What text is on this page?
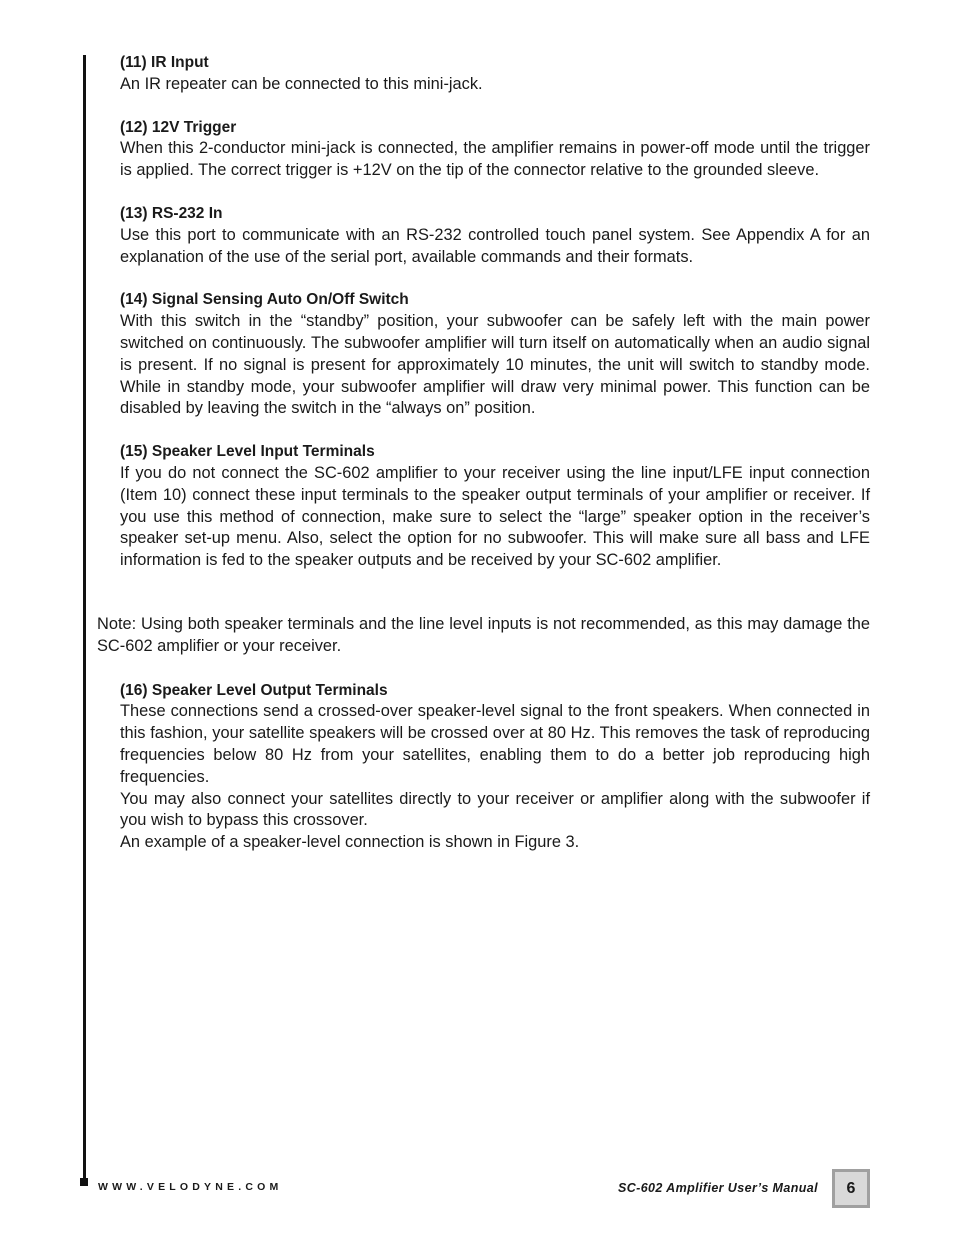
(11) IR Input

An IR repeater can be connected to this mini-jack.

(12) 12V Trigger

When this 2-conductor mini-jack is connected, the amplifier remains in power-off mode until the trigger is applied. The correct trigger is +12V on the tip of the connector relative to the grounded sleeve.

(13) RS-232 In

Use this port to communicate with an RS-232 controlled touch panel system. See Appendix A for an explanation of the use of the serial port, available commands and their formats.

(14) Signal Sensing Auto On/Off Switch

With this switch in the “standby” position, your subwoofer can be safely left with the main power switched on continuously. The subwoofer amplifier will turn itself on automatically when an audio signal is present. If no signal is present for approximately 10 minutes, the unit will switch to standby mode. While in standby mode, your subwoofer amplifier will draw very minimal power. This function can be disabled by leaving the switch in the “always on” position.

(15) Speaker Level Input Terminals

If you do not connect the SC-602 amplifier to your receiver using the line input/LFE input connection (Item 10) connect these input terminals to the speaker output terminals of your amplifier or receiver. If you use this method of connection, make sure to select the “large” speaker option in the receiver’s speaker set-up menu. Also, select the option for no subwoofer. This will make sure all bass and LFE information is fed to the speaker outputs and be received by your SC-602 amplifier.

Note: Using both speaker terminals and the line level inputs is not recommended, as this may damage the SC-602 amplifier or your receiver.

(16) Speaker Level Output Terminals

These connections send a crossed-over speaker-level signal to the front speakers. When connected in this fashion, your satellite speakers will be crossed over at 80 Hz. This removes the task of reproducing frequencies below 80 Hz from your satellites, enabling them to do a better job reproducing high frequencies.

You may also connect your satellites directly to your receiver or amplifier along with the subwoofer if you wish to bypass this crossover.

An example of a speaker-level connection is shown in Figure 3.

WWW.VELODYNE.COM	SC-602 Amplifier User’s Manual	6
